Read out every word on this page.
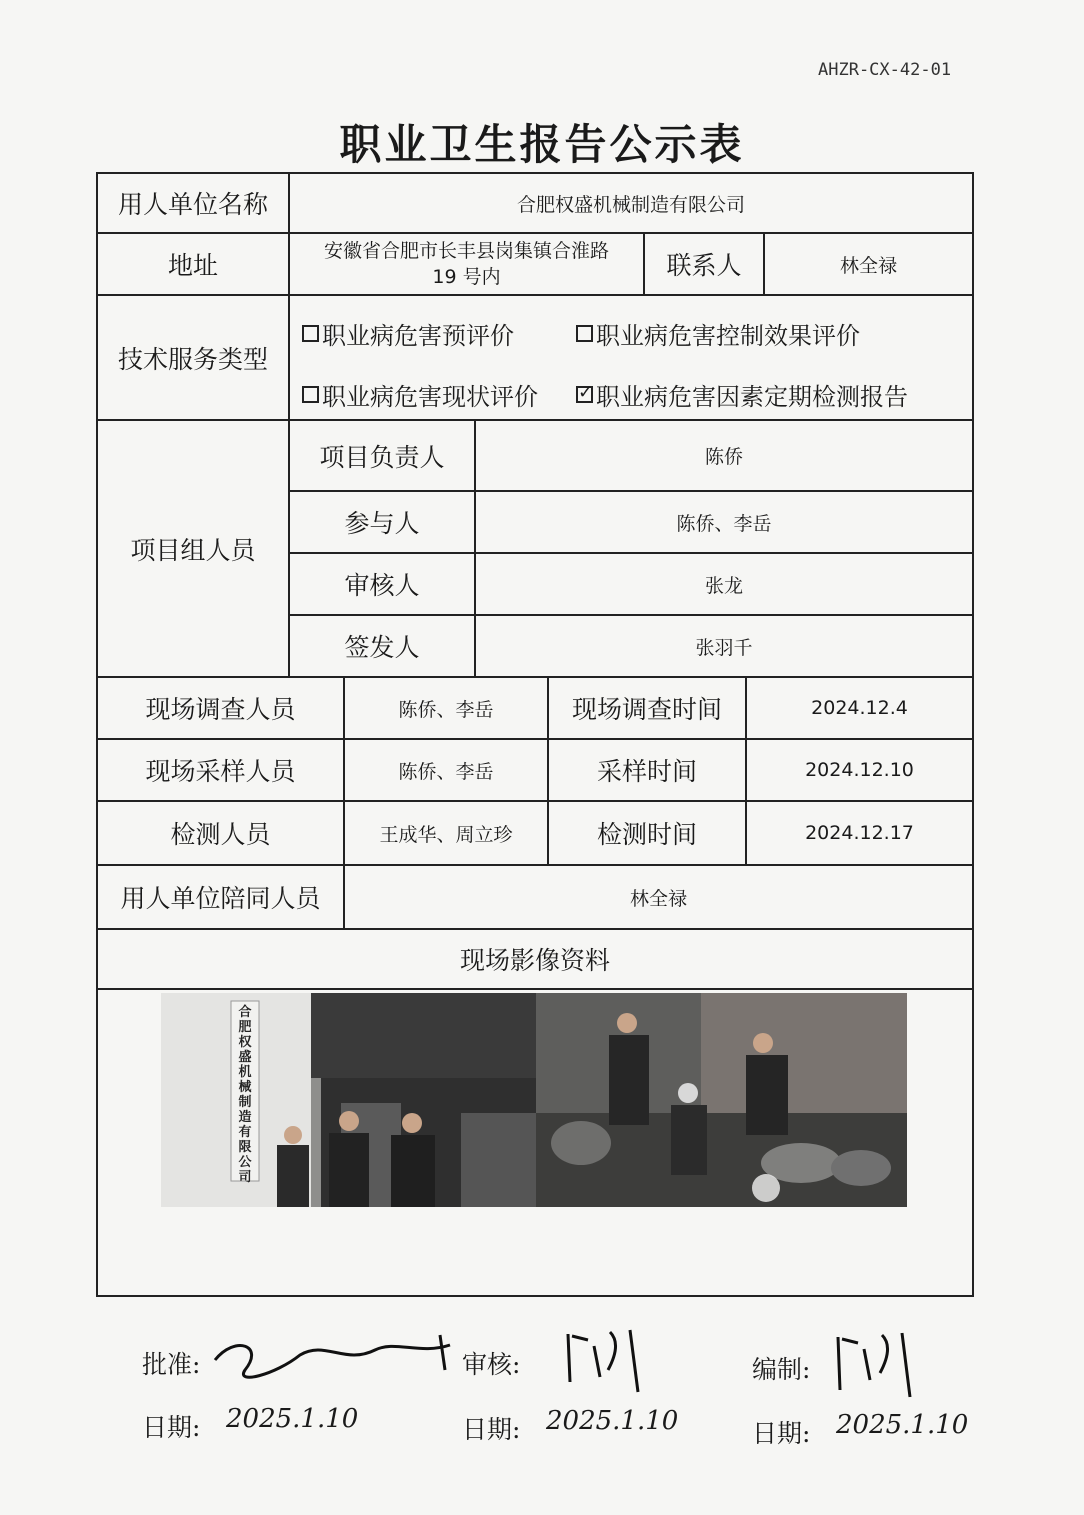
AHZR-CX-42-01
职业卫生报告公示表
用人单位名称	合肥权盛机械制造有限公司
地址	安徽省合肥市长丰县岗集镇合淮路
19 号内	联系人	林全禄
技术服务类型
职业病危害预评价	职业病危害控制效果评价
职业病危害现状评价
✓ 职业病危害因素定期检测报告
项目组人员
项目负责人	陈侨
参与人	陈侨、李岳
审核人	张龙
签发人	张羽千
现场调查人员	陈侨、李岳	现场调查时间	2024.12.4
现场采样人员	陈侨、李岳	采样时间	2024.12.10
检测人员	王成华、周立珍	检测时间	2024.12.17
用人单位陪同人员	林全禄
现场影像资料
合肥权盛机械制造有限公司
批准:	审核:	编制:
日期: 2025.1.10	日期: 2025.1.10	日期: 2025.1.10
